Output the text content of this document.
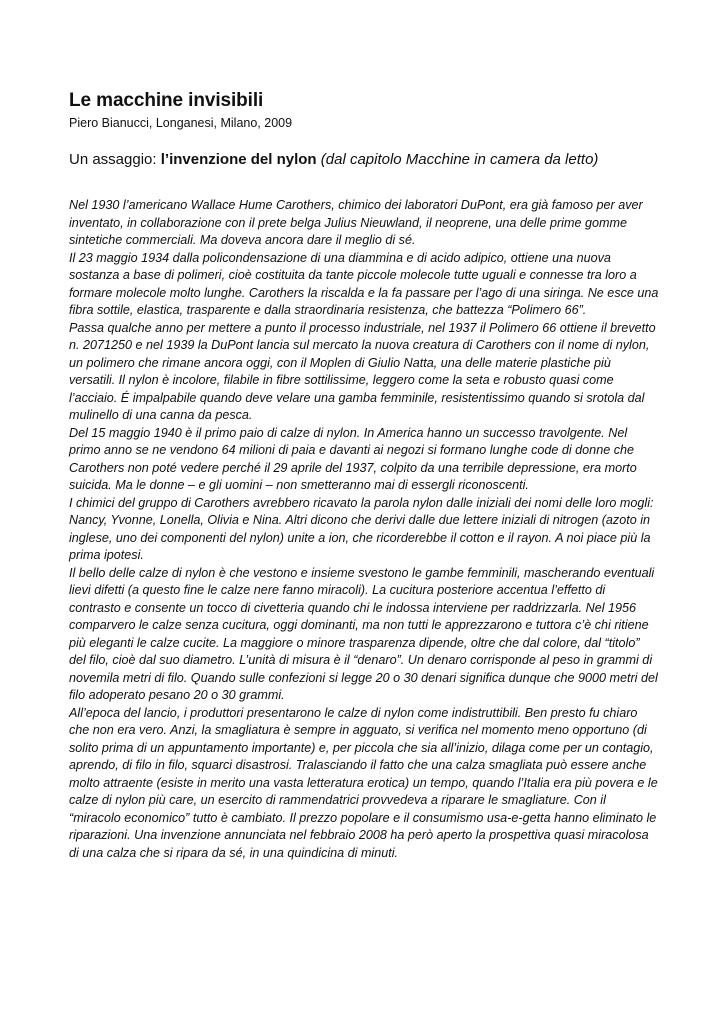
Le macchine invisibili

Piero Bianucci, Longanesi, Milano, 2009

Un assaggio: l’invenzione del nylon (dal capitolo Macchine in camera da letto)

Nel 1930 l’americano Wallace Hume Carothers, chimico dei laboratori DuPont, era già famoso per aver inventato, in collaborazione con il prete belga Julius Nieuwland, il neoprene, una delle prime gomme sintetiche commerciali. Ma doveva ancora dare il meglio di sé.

Il 23 maggio 1934 dalla policondensazione di una diammina e di acido adipico, ottiene una nuova sostanza a base di polimeri, cioè costituita da tante piccole molecole tutte uguali e connesse tra loro a formare molecole molto lunghe. Carothers la riscalda e la fa passare per l’ago di una siringa. Ne esce una fibra sottile, elastica, trasparente e dalla straordinaria resistenza, che battezza “Polimero 66”.

Passa qualche anno per mettere a punto il processo industriale, nel 1937 il Polimero 66 ottiene il brevetto n. 2071250 e nel 1939 la DuPont lancia sul mercato la nuova creatura di Carothers con il nome di nylon, un polimero che rimane ancora oggi, con il Moplen di Giulio Natta, una delle materie plastiche più versatili. Il nylon è incolore, filabile in fibre sottilissime, leggero come la seta e robusto quasi come l’acciaio. É impalpabile quando deve velare una gamba femminile, resistentissimo quando si srotola dal mulinello di una canna da pesca.

Del 15 maggio 1940 è il primo paio di calze di nylon. In America hanno un successo travolgente. Nel primo anno se ne vendono 64 milioni di paia e davanti ai negozi si formano lunghe code di donne che Carothers non poté vedere perché il 29 aprile del 1937, colpito da una terribile depressione, era morto suicida. Ma le donne – e gli uomini – non smetteranno mai di essergli riconoscenti.

I chimici del gruppo di Carothers avrebbero ricavato la parola nylon dalle iniziali dei nomi delle loro mogli: Nancy, Yvonne, Lonella, Olivia e Nina. Altri dicono che derivi dalle due lettere iniziali di nitrogen (azoto in inglese, uno dei componenti del nylon) unite a ion, che ricorderebbe il cotton e il rayon. A noi piace più la prima ipotesi.

Il bello delle calze di nylon è che vestono e insieme svestono le gambe femminili, mascherando eventuali lievi difetti (a questo fine le calze nere fanno miracoli). La cucitura posteriore accentua l’effetto di contrasto e consente un tocco di civetteria quando chi le indossa interviene per raddrizzarla. Nel 1956 comparvero le calze senza cucitura, oggi dominanti, ma non tutti le apprezzarono e tuttora c’è chi ritiene più eleganti le calze cucite. La maggiore o minore trasparenza dipende, oltre che dal colore, dal “titolo” del filo, cioè dal suo diametro. L’unità di misura è il “denaro”. Un denaro corrisponde al peso in grammi di novemila metri di filo. Quando sulle confezioni si legge 20 o 30 denari significa dunque che 9000 metri del filo adoperato pesano 20 o 30 grammi.

All’epoca del lancio, i produttori presentarono le calze di nylon come indistruttibili. Ben presto fu chiaro che non era vero. Anzi, la smagliatura è sempre in agguato, si verifica nel momento meno opportuno (di solito prima di un appuntamento importante) e, per piccola che sia all’inizio, dilaga come per un contagio, aprendo, di filo in filo, squarci disastrosi. Tralasciando il fatto che una calza smagliata può essere anche molto attraente (esiste in merito una vasta letteratura erotica) un tempo, quando l’Italia era più povera e le calze di nylon più care, un esercito di rammendatrici provvedeva a riparare le smagliature. Con il “miracolo economico” tutto è cambiato. Il prezzo popolare e il consumismo usa-e-getta hanno eliminato le riparazioni. Una invenzione annunciata nel febbraio 2008 ha però aperto la prospettiva quasi miracolosa di una calza che si ripara da sé, in una quindicina di minuti.
